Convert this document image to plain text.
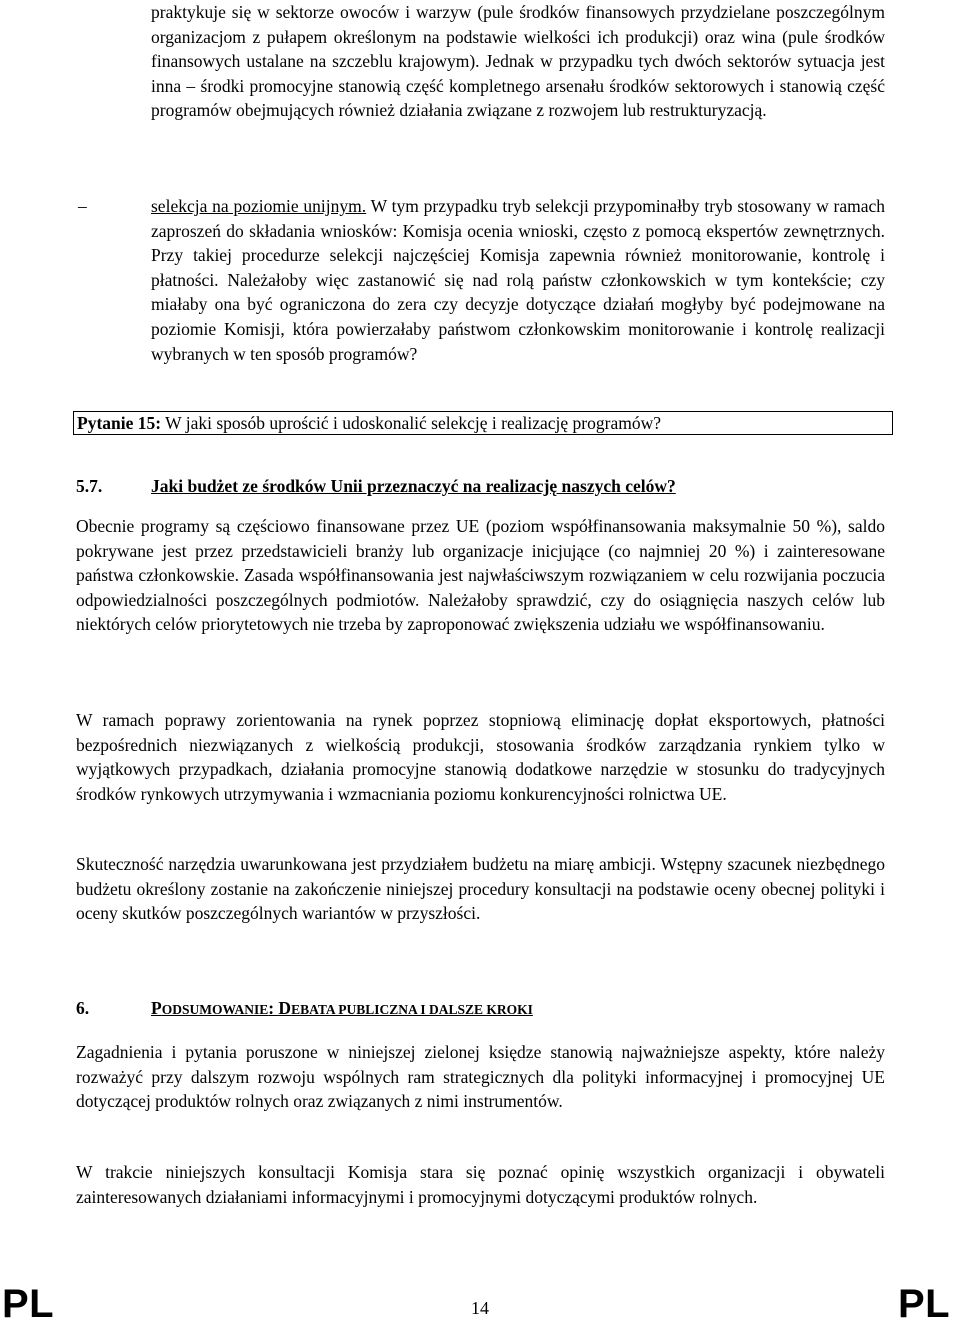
praktykuje się w sektorze owoców i warzyw (pule środków finansowych przydzielane poszczególnym organizacjom z pułapem określonym na podstawie wielkości ich produkcji) oraz wina (pule środków finansowych ustalane na szczeblu krajowym). Jednak w przypadku tych dwóch sektorów sytuacja jest inna – środki promocyjne stanowią część kompletnego arsenału środków sektorowych i stanowią część programów obejmujących również działania związane z rozwojem lub restrukturyzacją.

–	selekcja na poziomie unijnym. W tym przypadku tryb selekcji przypominałby tryb stosowany w ramach zaproszeń do składania wniosków: Komisja ocenia wnioski, często z pomocą ekspertów zewnętrznych. Przy takiej procedurze selekcji najczęściej Komisja zapewnia również monitorowanie, kontrolę i płatności. Należałoby więc zastanowić się nad rolą państw członkowskich w tym kontekście; czy miałaby ona być ograniczona do zera czy decyzje dotyczące działań mogłyby być podejmowane na poziomie Komisji, która powierzałaby państwom członkowskim monitorowanie i kontrolę realizacji wybranych w ten sposób programów?

Pytanie 15: W jaki sposób uprościć i udoskonalić selekcję i realizację programów?
5.7.	Jaki budżet ze środków Unii przeznaczyć na realizację naszych celów?

Obecnie programy są częściowo finansowane przez UE (poziom współfinansowania maksymalnie 50 %), saldo pokrywane jest przez przedstawicieli branży lub organizacje inicjujące (co najmniej 20 %) i zainteresowane państwa członkowskie. Zasada współfinansowania jest najwłaściwszym rozwiązaniem w celu rozwijania poczucia odpowiedzialności poszczególnych podmiotów. Należałoby sprawdzić, czy do osiągnięcia naszych celów lub niektórych celów priorytetowych nie trzeba by zaproponować zwiększenia udziału we współfinansowaniu.

W ramach poprawy zorientowania na rynek poprzez stopniową eliminację dopłat eksportowych, płatności bezpośrednich niezwiązanych z wielkością produkcji, stosowania środków zarządzania rynkiem tylko w wyjątkowych przypadkach, działania promocyjne stanowią dodatkowe narzędzie w stosunku do tradycyjnych środków rynkowych utrzymywania i wzmacniania poziomu konkurencyjności rolnictwa UE.

Skuteczność narzędzia uwarunkowana jest przydziałem budżetu na miarę ambicji. Wstępny szacunek niezbędnego budżetu określony zostanie na zakończenie niniejszej procedury konsultacji na podstawie oceny obecnej polityki i oceny skutków poszczególnych wariantów w przyszłości.

6.	PODSUMOWANIE: DEBATA PUBLICZNA I DALSZE KROKI

Zagadnienia i pytania poruszone w niniejszej zielonej księdze stanowią najważniejsze aspekty, które należy rozważyć przy dalszym rozwoju wspólnych ram strategicznych dla polityki informacyjnej i promocyjnej UE dotyczącej produktów rolnych oraz związanych z nimi instrumentów.

W trakcie niniejszych konsultacji Komisja stara się poznać opinię wszystkich organizacji i obywateli zainteresowanych działaniami informacyjnymi i promocyjnymi dotyczącymi produktów rolnych.

PL	14	PL
